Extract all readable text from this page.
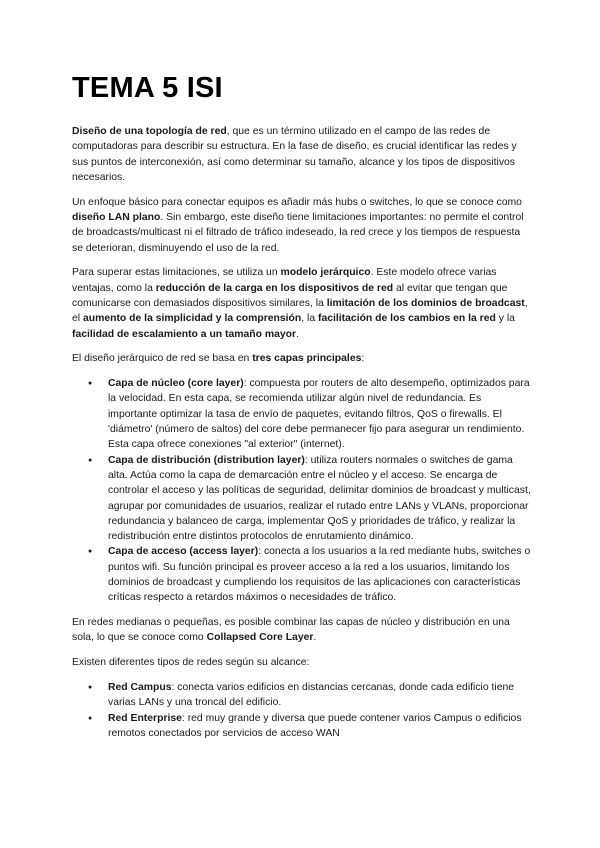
TEMA 5 ISI

Diseño de una topología de red, que es un término utilizado en el campo de las redes de computadoras para describir su estructura. En la fase de diseño, es crucial identificar las redes y sus puntos de interconexión, así como determinar su tamaño, alcance y los tipos de dispositivos necesarios.

Un enfoque básico para conectar equipos es añadir más hubs o switches, lo que se conoce como diseño LAN plano. Sin embargo, este diseño tiene limitaciones importantes: no permite el control de broadcasts/multicast ni el filtrado de tráfico indeseado, la red crece y los tiempos de respuesta se deterioran, disminuyendo el uso de la red.

Para superar estas limitaciones, se utiliza un modelo jerárquico. Este modelo ofrece varias ventajas, como la reducción de la carga en los dispositivos de red al evitar que tengan que comunicarse con demasiados dispositivos similares, la limitación de los dominios de broadcast, el aumento de la simplicidad y la comprensión, la facilitación de los cambios en la red y la facilidad de escalamiento a un tamaño mayor.

El diseño jerárquico de red se basa en tres capas principales:

● Capa de núcleo (core layer): compuesta por routers de alto desempeño, optimizados para la velocidad. En esta capa, se recomienda utilizar algún nivel de redundancia. Es importante optimizar la tasa de envío de paquetes, evitando filtros, QoS o firewalls. El 'diámetro' (número de saltos) del core debe permanecer fijo para asegurar un rendimiento. Esta capa ofrece conexiones "al exterior" (internet).
● Capa de distribución (distribution layer): utiliza routers normales o switches de gama alta. Actúa como la capa de demarcación entre el núcleo y el acceso. Se encarga de controlar el acceso y las políticas de seguridad, delimitar dominios de broadcast y multicast, agrupar por comunidades de usuarios, realizar el rutado entre LANs y VLANs, proporcionar redundancia y balanceo de carga, implementar QoS y prioridades de tráfico, y realizar la redistribución entre distintos protocolos de enrutamiento dinámico.
● Capa de acceso (access layer): conecta a los usuarios a la red mediante hubs, switches o puntos wifi. Su función principal es proveer acceso a la red a los usuarios, limitando los dominios de broadcast y cumpliendo los requisitos de las aplicaciones con características críticas respecto a retardos máximos o necesidades de tráfico.

En redes medianas o pequeñas, es posible combinar las capas de núcleo y distribución en una sola, lo que se conoce como Collapsed Core Layer.

Existen diferentes tipos de redes según su alcance:

● Red Campus: conecta varios edificios en distancias cercanas, donde cada edificio tiene varias LANs y una troncal del edificio.
● Red Enterprise: red muy grande y diversa que puede contener varios Campus o edificios remotos conectados por servicios de acceso WAN
